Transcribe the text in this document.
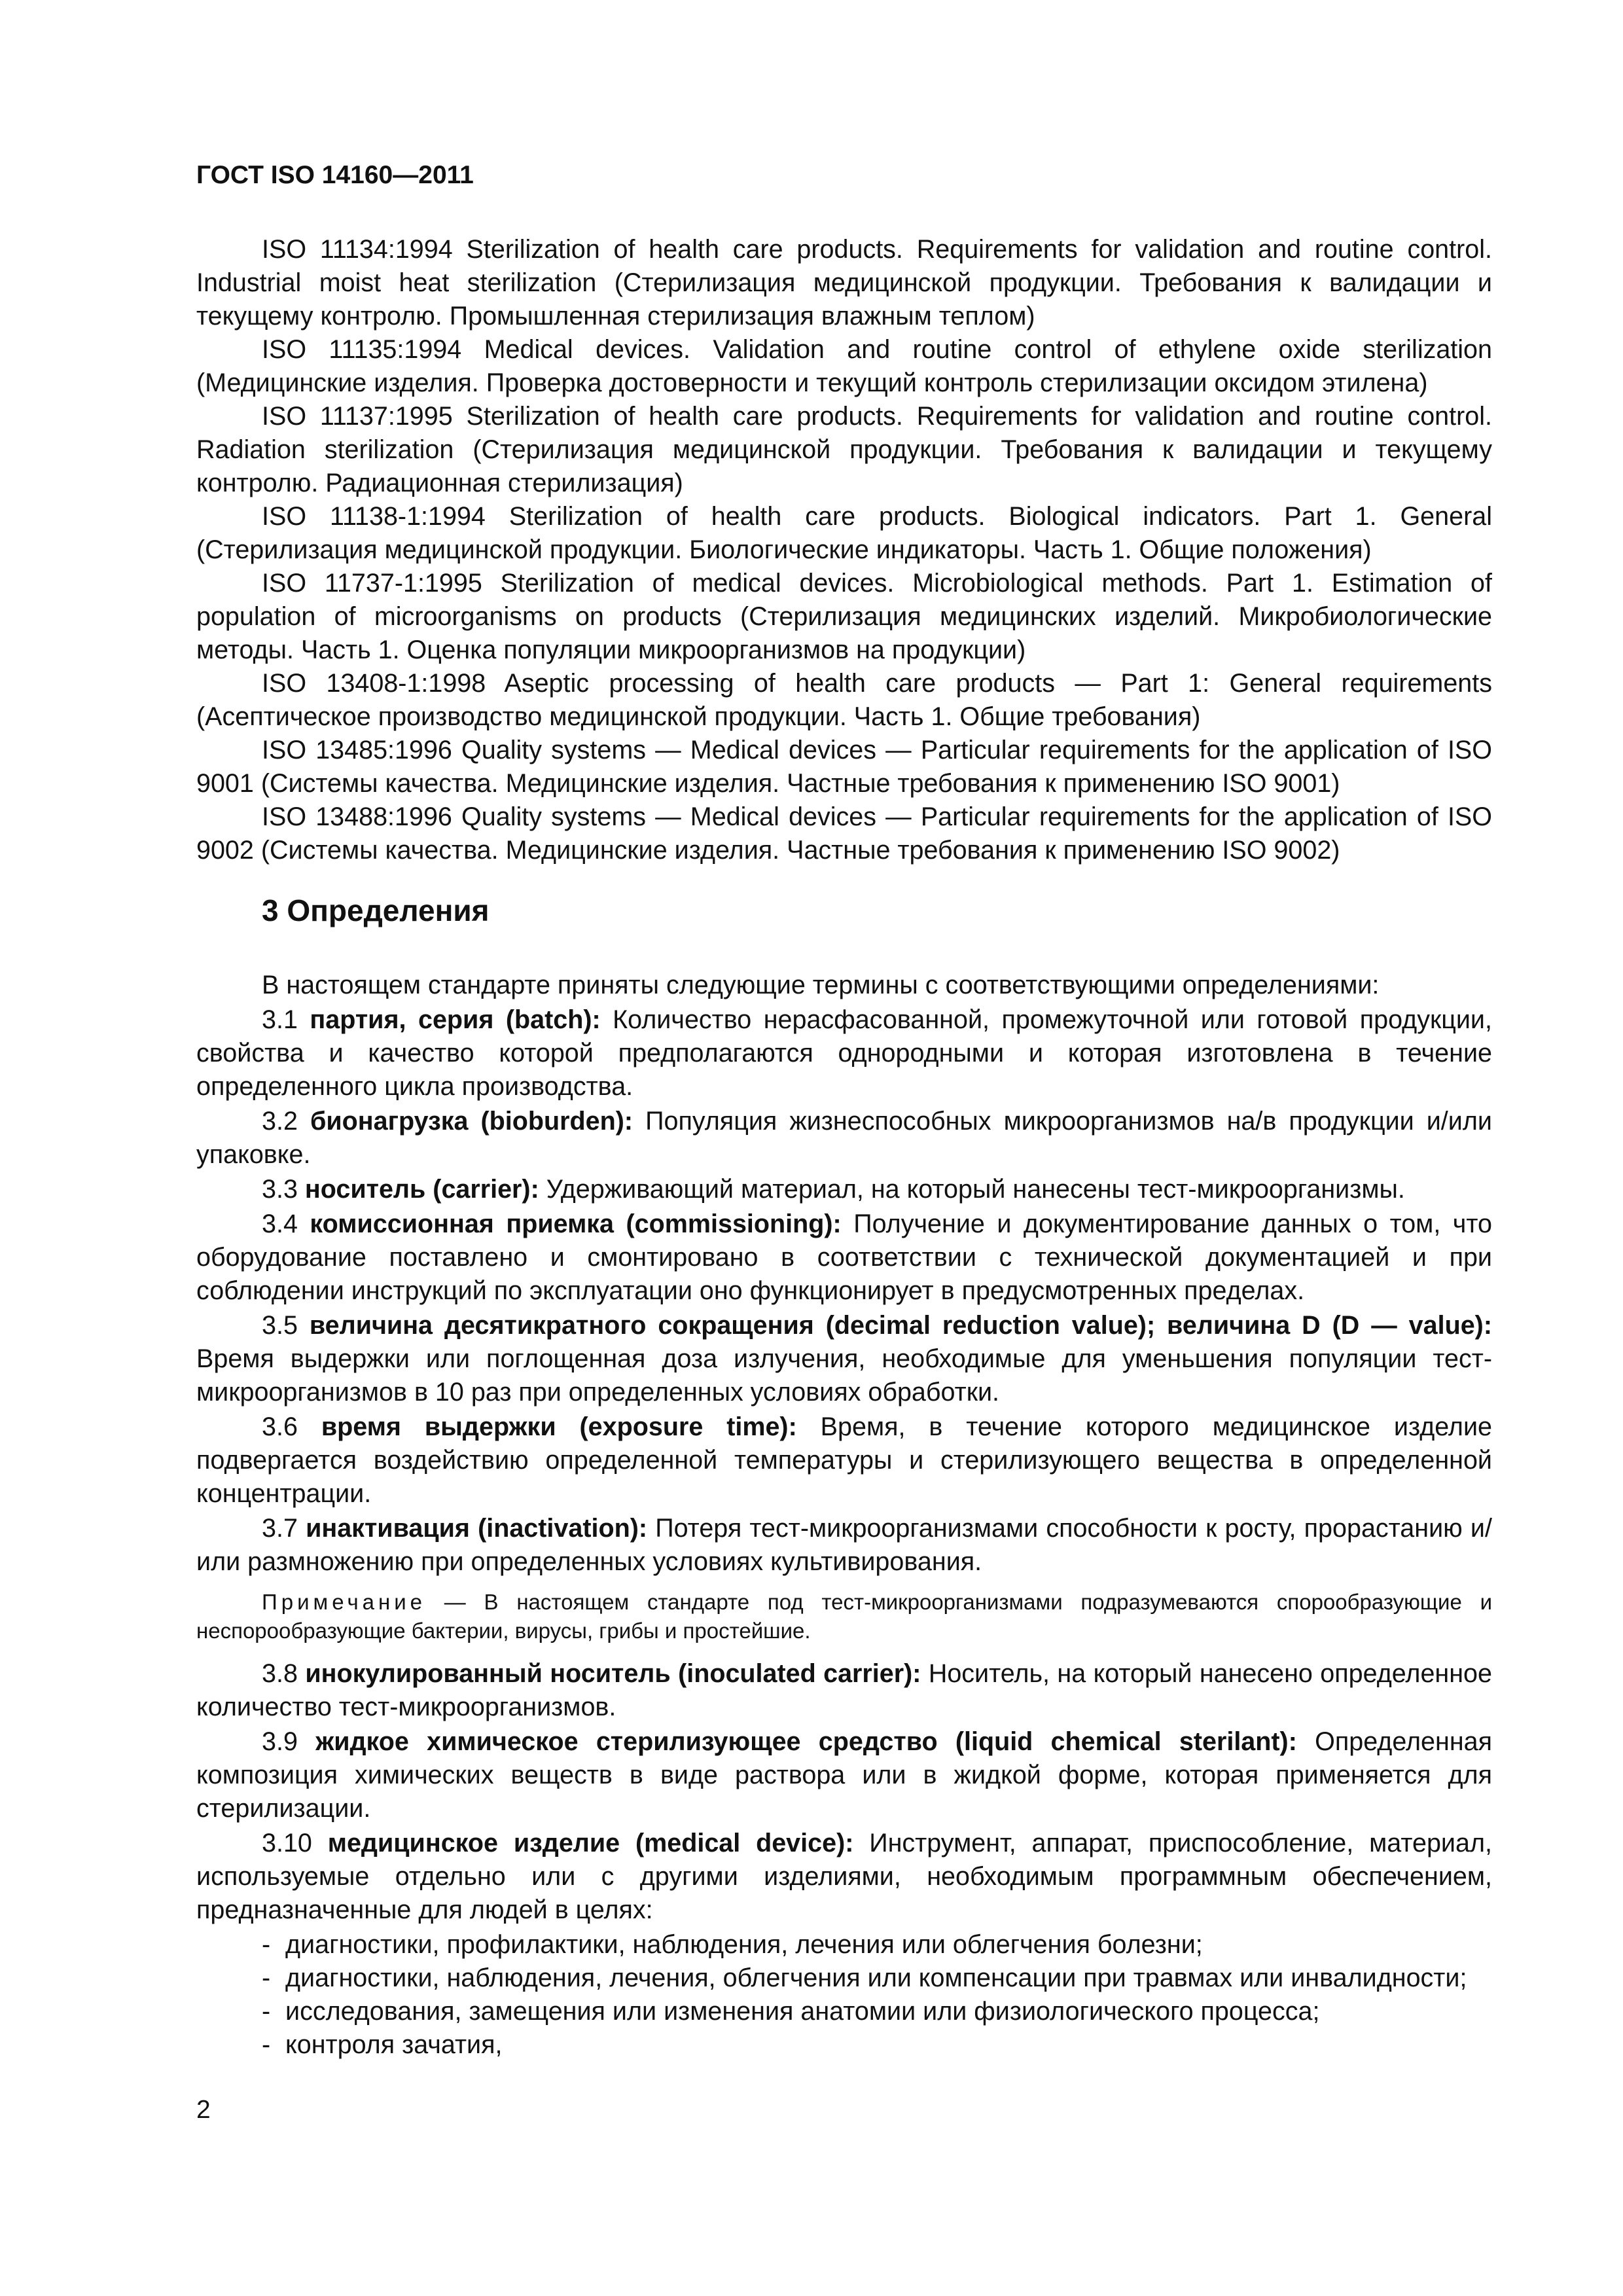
ГОСТ ISO 14160—2011

ISO 11134:1994 Sterilization of health care products. Requirements for validation and routine control. Industrial moist heat sterilization (Стерилизация медицинской продукции. Требования к валидации и текущему контролю. Промышленная стерилизация влажным теплом)

ISO 11135:1994 Medical devices. Validation and routine control of ethylene oxide sterilization (Медицинские изделия. Проверка достоверности и текущий контроль стерилизации оксидом этилена)

ISO 11137:1995 Sterilization of health care products. Requirements for validation and routine control. Radiation sterilization (Стерилизация медицинской продукции. Требования к валидации и текущему контролю. Радиационная стерилизация)

ISO 11138-1:1994 Sterilization of health care products. Biological indicators. Part 1. General (Стерилизация медицинской продукции. Биологические индикаторы. Часть 1. Общие положения)

ISO 11737-1:1995 Sterilization of medical devices. Microbiological methods. Part 1. Estimation of population of microorganisms on products (Стерилизация медицинских изделий. Микробиологические методы. Часть 1. Оценка популяции микроорганизмов на продукции)

ISO 13408-1:1998 Aseptic processing of health care products — Part 1: General requirements (Асептическое производство медицинской продукции. Часть 1. Общие требования)

ISO 13485:1996 Quality systems — Medical devices — Particular requirements for the application of ISO 9001 (Системы качества. Медицинские изделия. Частные требования к применению ISO 9001)

ISO 13488:1996 Quality systems — Medical devices — Particular requirements for the application of ISO 9002 (Системы качества. Медицинские изделия. Частные требования к применению ISO 9002)

3 Определения

В настоящем стандарте приняты следующие термины с соответствующими определениями:

3.1 партия, серия (batch): Количество нерасфасованной, промежуточной или готовой продукции, свойства и качество которой предполагаются однородными и которая изготовлена в течение определенного цикла производства.

3.2 бионагрузка (bioburden): Популяция жизнеспособных микроорганизмов на/в продукции и/или упаковке.

3.3 носитель (carrier): Удерживающий материал, на который нанесены тест-микроорганизмы.

3.4 комиссионная приемка (commissioning): Получение и документирование данных о том, что оборудование поставлено и смонтировано в соответствии с технической документацией и при соблюдении инструкций по эксплуатации оно функционирует в предусмотренных пределах.

3.5 величина десятикратного сокращения (decimal reduction value); величина D (D — value): Время выдержки или поглощенная доза излучения, необходимые для уменьшения популяции тест-микроорганизмов в 10 раз при определенных условиях обработки.

3.6 время выдержки (exposure time): Время, в течение которого медицинское изделие подвергается воздействию определенной температуры и стерилизующего вещества в определенной концентрации.

3.7 инактивация (inactivation): Потеря тест-микроорганизмами способности к росту, прорастанию и/или размножению при определенных условиях культивирования.

Примечание — В настоящем стандарте под тест-микроорганизмами подразумеваются спорообразующие и неспорообразующие бактерии, вирусы, грибы и простейшие.

3.8 инокулированный носитель (inoculated carrier): Носитель, на который нанесено определенное количество тест-микроорганизмов.

3.9 жидкое химическое стерилизующее средство (liquid chemical sterilant): Определенная композиция химических веществ в виде раствора или в жидкой форме, которая применяется для стерилизации.

3.10 медицинское изделие (medical device): Инструмент, аппарат, приспособление, материал, используемые отдельно или с другими изделиями, необходимым программным обеспечением, предназначенные для людей в целях:

- диагностики, профилактики, наблюдения, лечения или облегчения болезни;
- диагностики, наблюдения, лечения, облегчения или компенсации при травмах или инвалидности;
- исследования, замещения или изменения анатомии или физиологического процесса;
- контроля зачатия,

2
